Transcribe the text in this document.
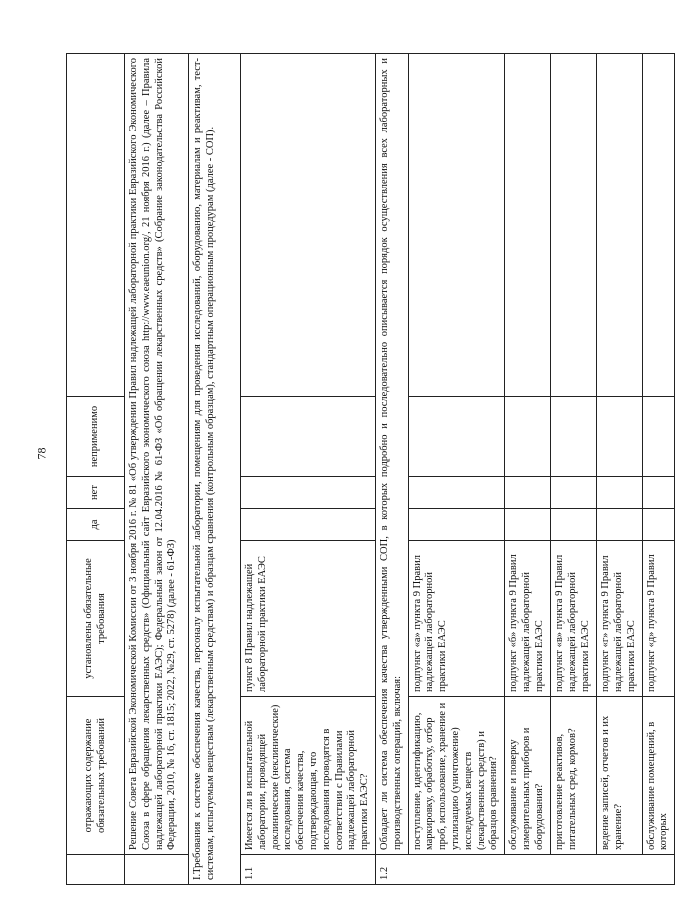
78
	отражающих содержание обязательных требований	установлены обязательные требования	да	нет	неприменимо	
	Решение Совета Евразийской Экономической Комиссии от 3 ноября 2016 г. № 81 «Об утверждении Правил надлежащей лабораторной практики Евразийского Экономического Союза в сфере обращения лекарственных средств» (Официальный сайт Евразийского экономического союза http://www.eaeunion.org/, 21 ноября 2016 г.) (далее – Правила надлежащей лабораторной практики ЕАЭС); Федеральный закон от 12.04.2016 № 61-ФЗ «Об обращении лекарственных средств» (Собрание законодательства Российской Федерации, 2010, № 16, ст. 1815; 2022, №29, ст. 5278) (далее - 61-ФЗ)					
I.Требования к системе обеспечения качества, персоналу испытательной лаборатории, помещениям для проведения исследований, оборудованию, материалам и реактивам, тест-системам, испытуемым веществам (лекарственным средствам) и образцам сравнения (контрольным образцам), стандартным операционным процедурам (далее - СОП).						
1.1	Имеется ли в испытательной лаборатории, проводящей доклинические (неклинические) исследования, система обеспечения качества, подтверждающая, что исследования проводятся в соответствии с Правилами надлежащей лабораторной практики ЕАЭС?	пункт 8 Правил надлежащей лабораторной практики ЕАЭС				
1.2	Обладает ли система обеспечения качества утвержденными СОП, в которых подробно и последовательно описывается порядок осуществления всех лабораторных и производственных операций, включая:					
	поступление, идентификацию, маркировку, обработку, отбор проб, использование, хранение и утилизацию (уничтожение) исследуемых веществ (лекарственных средств) и образцов сравнения?	подпункт «а» пункта 9 Правил надлежащей лабораторной практики ЕАЭС				
	обслуживание и поверку измерительных приборов и оборудования?	подпункт «б» пункта 9 Правил надлежащей лабораторной практики ЕАЭС				
	приготовление реактивов, питательных сред, кормов?	подпункт «в» пункта 9 Правил надлежащей лабораторной практики ЕАЭС				
	ведение записей, отчетов и их хранение?	подпункт «г» пункта 9 Правил надлежащей лабораторной практики ЕАЭС				
	обслуживание помещений, в которых	подпункт «д» пункта 9 Правил				
